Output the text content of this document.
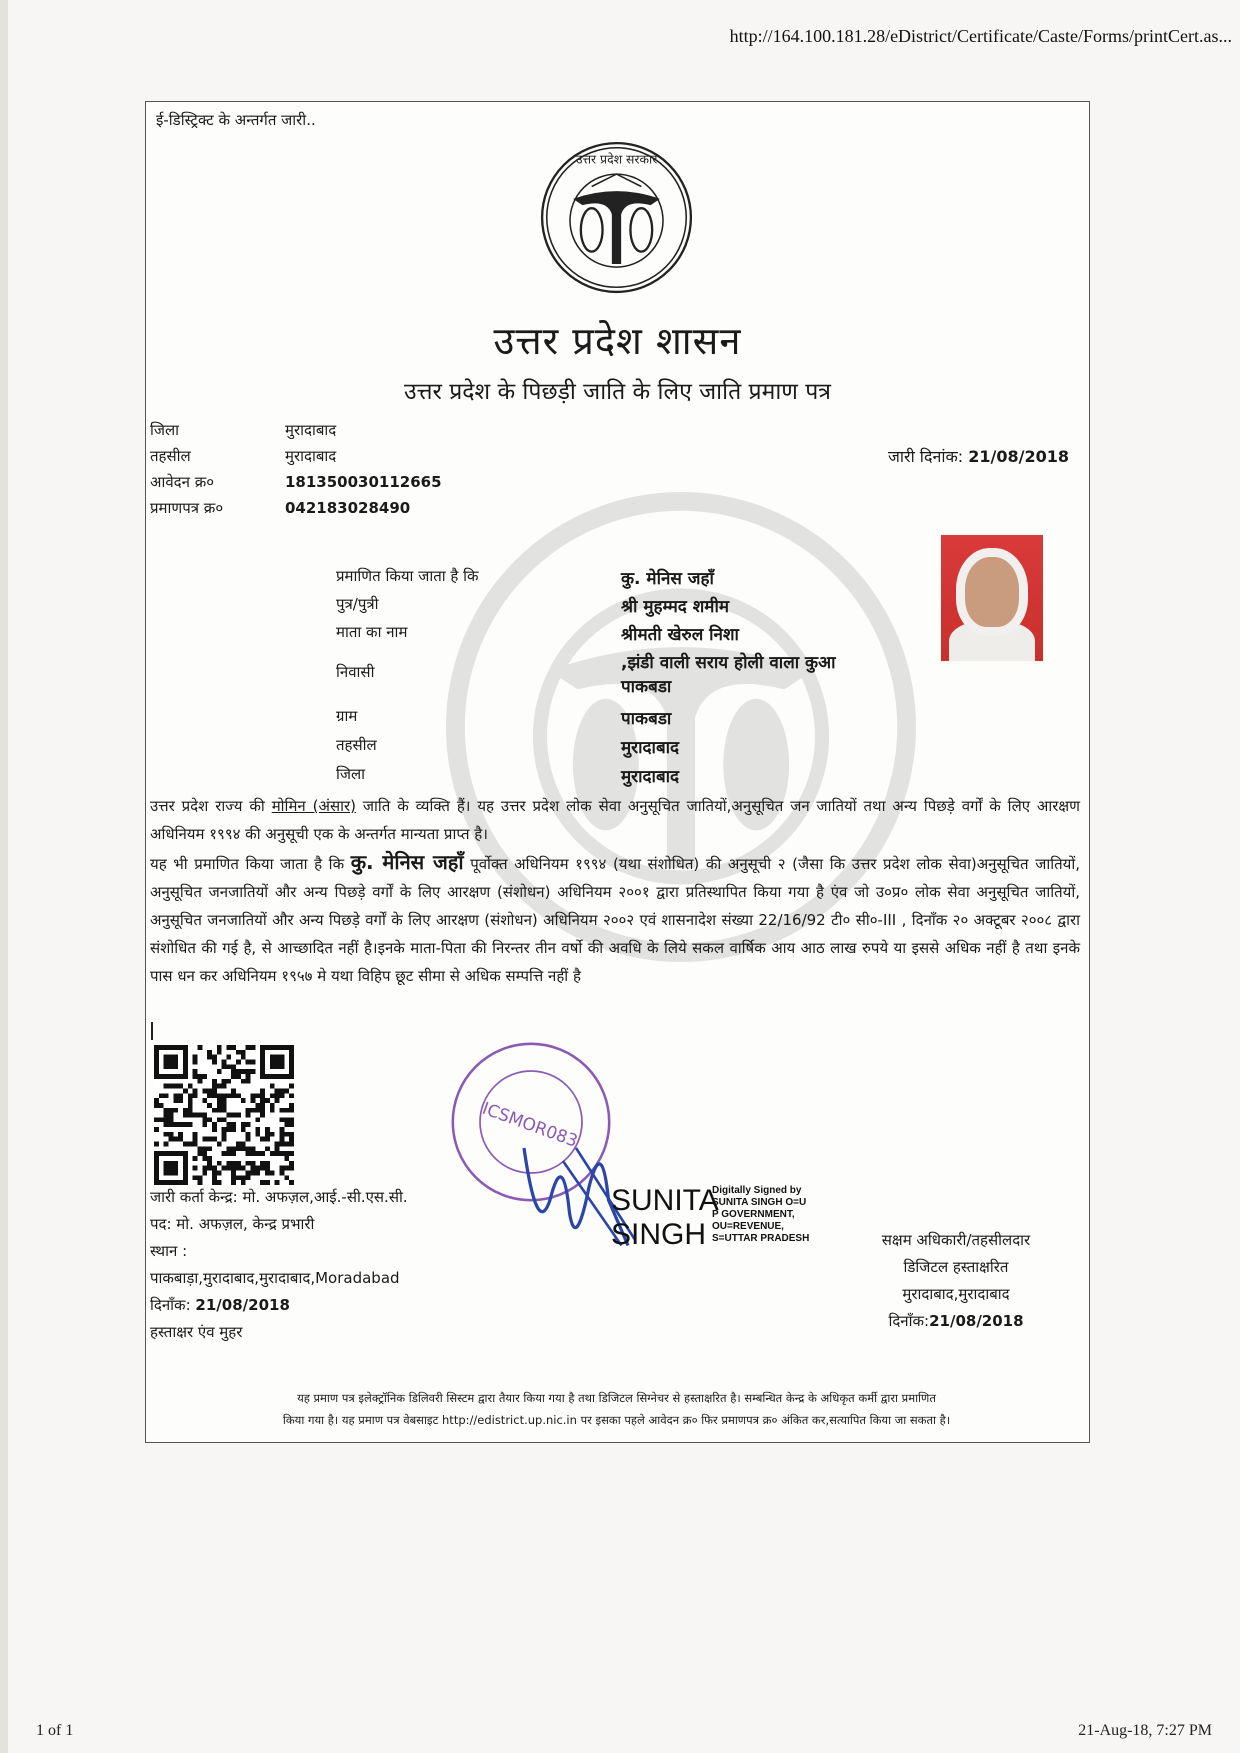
http://164.100.181.28/eDistrict/Certificate/Caste/Forms/printCert.as...
ई-डिस्ट्रिक्ट के अन्तर्गत जारी..
उत्तर प्रदेश सरकार
उत्तर प्रदेश शासन
उत्तर प्रदेश के पिछड़ी जाति के लिए जाति प्रमाण पत्र
जिला	मुरादाबाद
तहसील	मुरादाबाद
आवेदन क्र०	181350030112665
प्रमाणपत्र क्र०	042183028490
जारी दिनांक: 21/08/2018
प्रमाणित किया जाता है कि	कु. मेनिस जहाँ
पुत्र/पुत्री	श्री मुहम्मद शमीम
माता का नाम	श्रीमती खेरुल निशा
निवासी	,झंडी वाली सराय होली वाला कुआ
पाकबडा
ग्राम	पाकबडा
तहसील	मुरादाबाद
जिला	मुरादाबाद
उत्तर प्रदेश राज्य की मोमिन (अंसार) जाति के व्यक्ति हैं। यह उत्तर प्रदेश लोक सेवा अनुसूचित जातियों,अनुसूचित जन जातियों तथा अन्य पिछड़े वर्गों के लिए आरक्षण अधिनियम १९९४ की अनुसूची एक के अन्तर्गत मान्यता प्राप्त है।
यह भी प्रमाणित किया जाता है कि कु. मेनिस जहाँ पूर्वोक्त अधिनियम १९९४ (यथा संशोधित) की अनुसूची २ (जैसा कि उत्तर प्रदेश लोक सेवा)अनुसूचित जातियों, अनुसूचित जनजातियों और अन्य पिछड़े वर्गों के लिए आरक्षण (संशोधन) अधिनियम २००१ द्वारा प्रतिस्थापित किया गया है एंव जो उ०प्र० लोक सेवा अनुसूचित जातियों, अनुसूचित जनजातियों और अन्य पिछड़े वर्गों के लिए आरक्षण (संशोधन) अधिनियम २००२ एवं शासनादेश संख्या 22/16/92 टी० सी०-III , दिनाँक २० अक्टूबर २००८ द्वारा संशोधित की गई है, से आच्छादित नहीं है।इनके माता-पिता की निरन्तर तीन वर्षो की अवधि के लिये सकल वार्षिक आय आठ लाख रुपये या इससे अधिक नहीं है तथा इनके पास धन कर अधिनियम १९५७ मे यथा विहिप छूट सीमा से अधिक सम्पत्ति नहीं है
ICSMOR083
जारी कर्ता केन्द्र: मो. अफज़ल,आई.-सी.एस.सी.
पद: मो. अफज़ल, केन्द्र प्रभारी
स्थान :
पाकबाड़ा,मुरादाबाद,मुरादाबाद,Moradabad
दिनाँक: 21/08/2018
हस्ताक्षर एंव मुहर
SUNITA
SINGH
Digitally Signed by
SUNITA SINGH O=U
P GOVERNMENT,
OU=REVENUE,
S=UTTAR PRADESH	सक्षम अधिकारी/तहसीलदार
डिजिटल हस्ताक्षरित
मुरादाबाद,मुरादाबाद
दिनाँक:21/08/2018
यह प्रमाण पत्र इलेक्ट्रॉनिक डिलिवरी सिस्टम द्वारा तैयार किया गया है तथा डिजिटल सिग्नेचर से हस्ताक्षरित है। सम्बन्धित केन्द्र के अधिकृत कर्मी द्वारा प्रमाणित
किया गया है। यह प्रमाण पत्र वेबसाइट http://edistrict.up.nic.in पर इसका पहले आवेदन क्र० फिर प्रमाणपत्र क्र० अंकित कर,सत्यापित किया जा सकता है।
1 of 1	21-Aug-18, 7:27 PM
